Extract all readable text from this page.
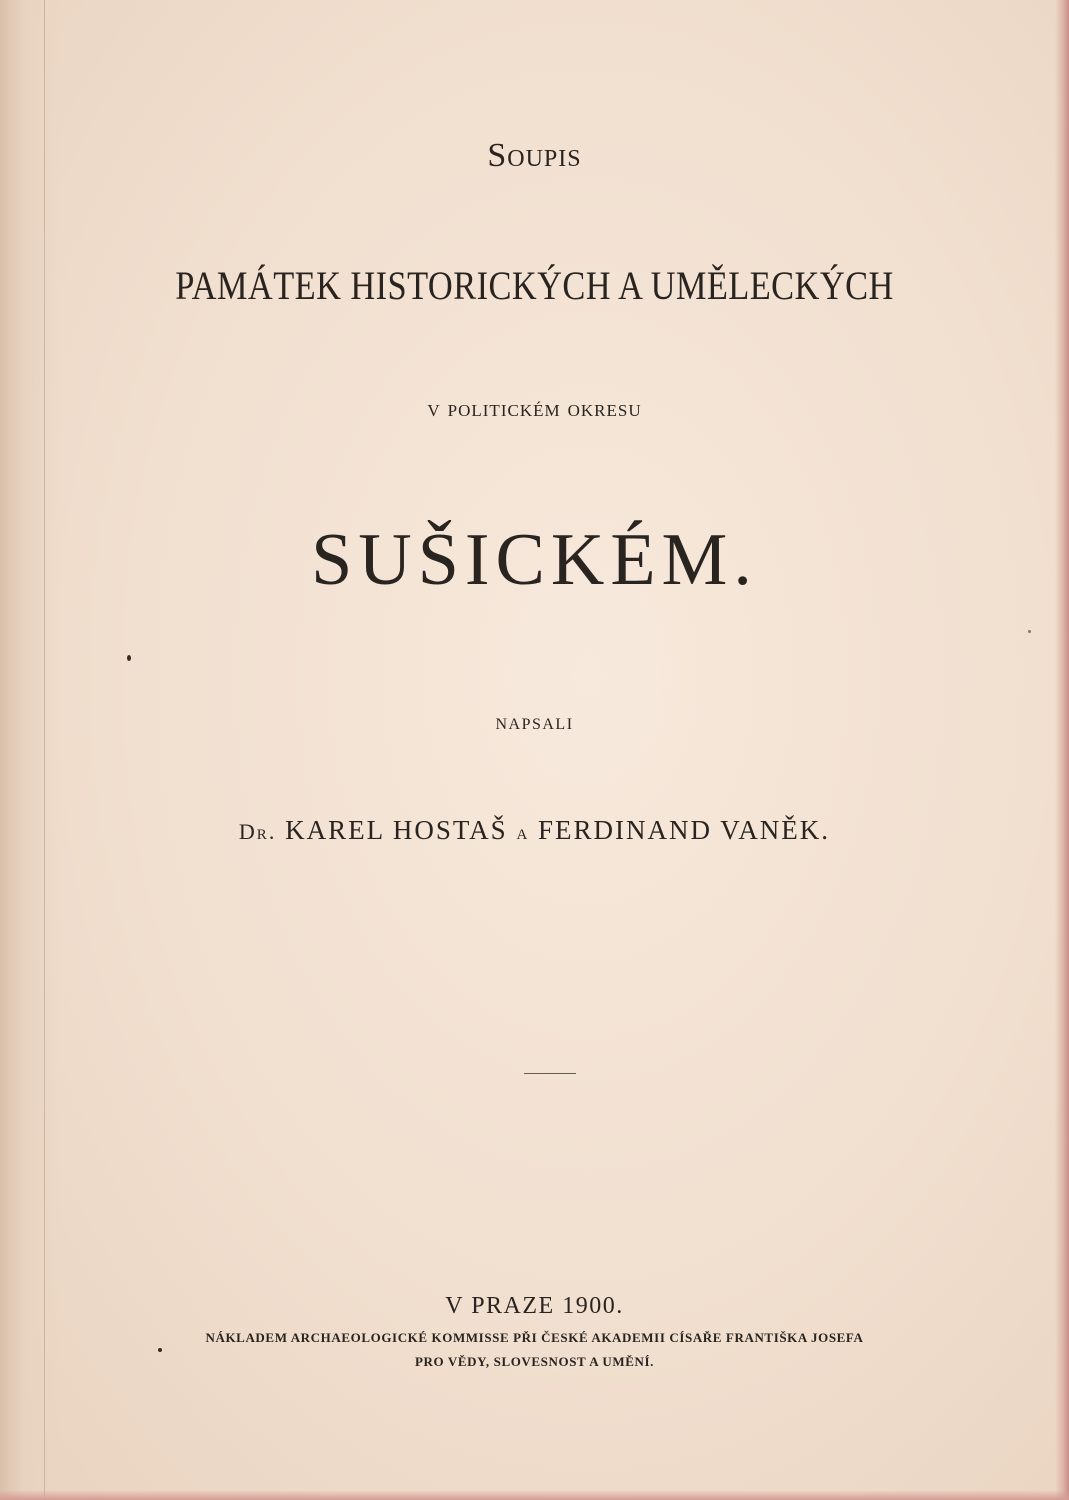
Soupis
PAMÁTEK HISTORICKÝCH A UMĚLECKÝCH
v politickém okresu
SUŠICKÉM.
NAPSALI
Dr. KAREL HOSTAŠ a FERDINAND VANĚK.
V PRAZE 1900.
NÁKLADEM ARCHAEOLOGICKÉ KOMMISSE PŘI ČESKÉ AKADEMII CÍSAŘE FRANTIŠKA JOSEFA
PRO VĚDY, SLOVESNOST A UMĚNÍ.
